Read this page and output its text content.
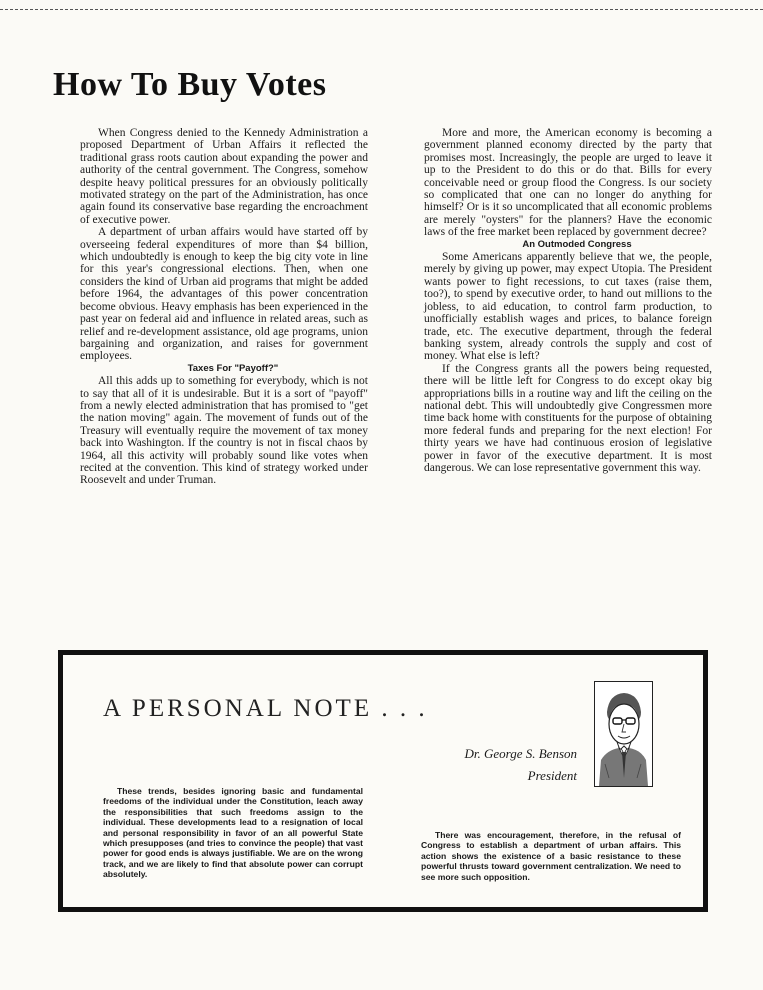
How To Buy Votes

When Congress denied to the Kennedy Administration a proposed Department of Urban Affairs it reflected the traditional grass roots caution about expanding the power and authority of the central government. The Congress, somehow despite heavy political pressures for an obviously politically motivated strategy on the part of the Administration, has once again found its conservative base regarding the encroachment of executive power.

A department of urban affairs would have started off by overseeing federal expenditures of more than $4 billion, which undoubtedly is enough to keep the big city vote in line for this year's congressional elections. Then, when one considers the kind of Urban aid programs that might be added before 1964, the advantages of this power concentration become obvious. Heavy emphasis has been experienced in the past year on federal aid and influence in related areas, such as relief and re-development assistance, old age programs, union bargaining and organization, and raises for government employees.

Taxes For "Payoff?"

All this adds up to something for everybody, which is not to say that all of it is undesirable. But it is a sort of "payoff" from a newly elected administration that has promised to "get the nation moving" again. The movement of funds out of the Treasury will eventually require the movement of tax money back into Washington. If the country is not in fiscal chaos by 1964, all this activity will probably sound like votes when recited at the convention. This kind of strategy worked under Roosevelt and under Truman.

More and more, the American economy is becoming a government planned economy directed by the party that promises most. Increasingly, the people are urged to leave it up to the President to do this or do that. Bills for every conceivable need or group flood the Congress. Is our society so complicated that one can no longer do anything for himself? Or is it so uncomplicated that all economic problems are merely "oysters" for the planners? Have the economic laws of the free market been replaced by government decree?

An Outmoded Congress

Some Americans apparently believe that we, the people, merely by giving up power, may expect Utopia. The President wants power to fight recessions, to cut taxes (raise them, too?), to spend by executive order, to hand out millions to the jobless, to aid education, to control farm production, to unofficially establish wages and prices, to balance foreign trade, etc. The executive department, through the federal banking system, already controls the supply and cost of money. What else is left?

If the Congress grants all the powers being requested, there will be little left for Congress to do except okay big appropriations bills in a routine way and lift the ceiling on the national debt. This will undoubtedly give Congressmen more time back home with constituents for the purpose of obtaining more federal funds and preparing for the next election! For thirty years we have had continuous erosion of legislative power in favor of the executive department. It is most dangerous. We can lose representative government this way.

A PERSONAL NOTE . . .
Dr. George S. Benson
President

These trends, besides ignoring basic and fundamental freedoms of the individual under the Constitution, leach away the responsibilities that such freedoms assign to the individual. These developments lead to a resignation of local and personal responsibility in favor of an all powerful State which presupposes (and tries to convince the people) that vast power for good ends is always justifiable. We are on the wrong track, and we are likely to find that absolute power can corrupt absolutely.

There was encouragement, therefore, in the refusal of Congress to establish a department of urban affairs. This action shows the existence of a basic resistance to these powerful thrusts toward government centralization. We need to see more such opposition.
